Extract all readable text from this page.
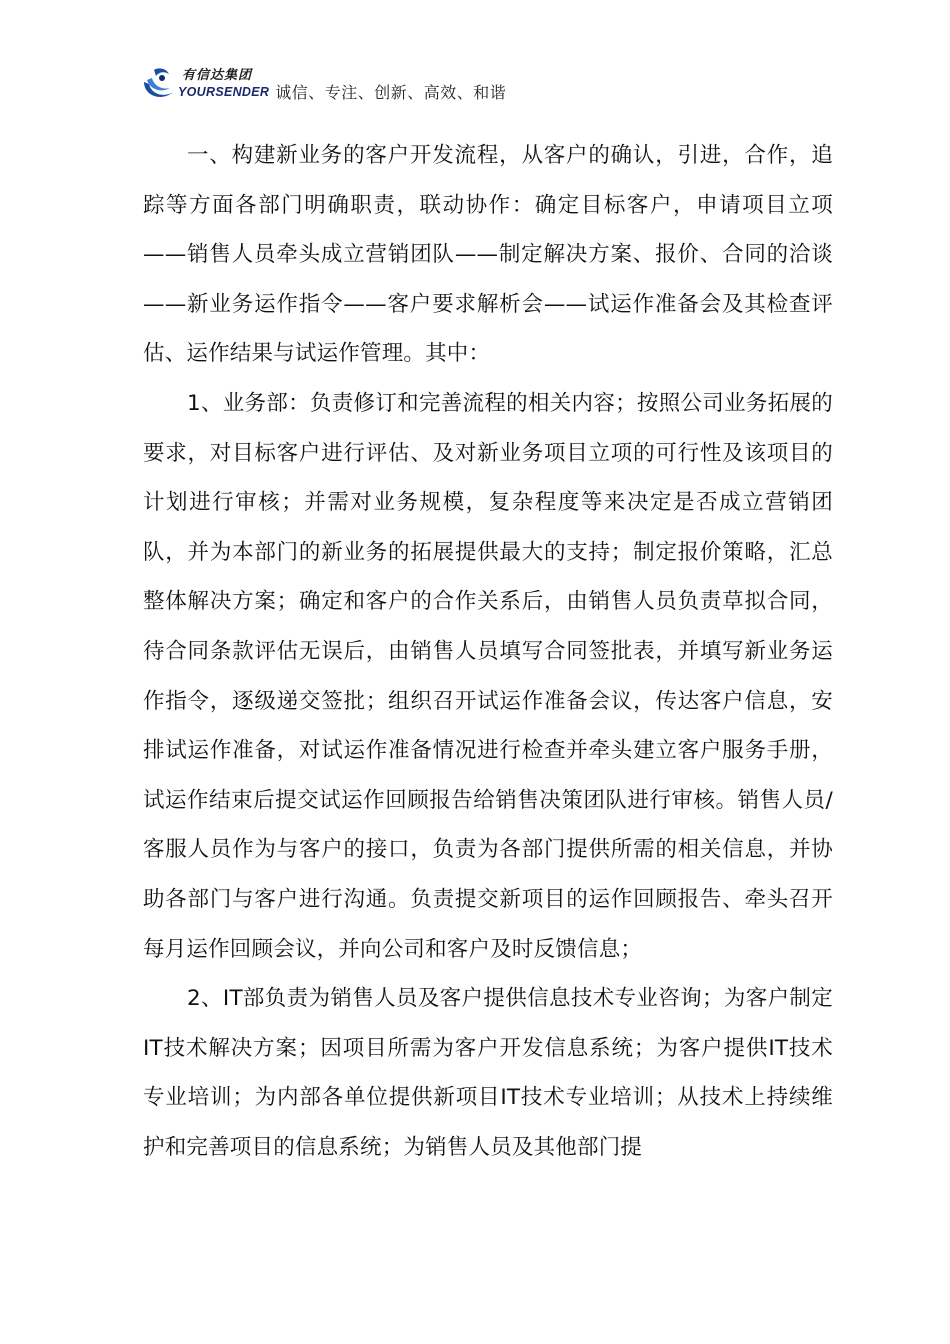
有信达集团
YOURSENDER 诚信、专注、创新、高效、和谐

一、构建新业务的客户开发流程，从客户的确认，引进，合作，追踪等方面各部门明确职责，联动协作：确定目标客户，申请项目立项——销售人员牵头成立营销团队——制定解决方案、报价、合同的洽谈——新业务运作指令——客户要求解析会——试运作准备会及其检查评估、运作结果与试运作管理。其中：

1、业务部：负责修订和完善流程的相关内容；按照公司业务拓展的要求，对目标客户进行评估、及对新业务项目立项的可行性及该项目的计划进行审核；并需对业务规模，复杂程度等来决定是否成立营销团队，并为本部门的新业务的拓展提供最大的支持；制定报价策略，汇总整体解决方案；确定和客户的合作关系后，由销售人员负责草拟合同，待合同条款评估无误后，由销售人员填写合同签批表，并填写新业务运作指令，逐级递交签批；组织召开试运作准备会议，传达客户信息，安排试运作准备，对试运作准备情况进行检查并牵头建立客户服务手册，试运作结束后提交试运作回顾报告给销售决策团队进行审核。销售人员/客服人员作为与客户的接口，负责为各部门提供所需的相关信息，并协助各部门与客户进行沟通。负责提交新项目的运作回顾报告、牵头召开每月运作回顾会议，并向公司和客户及时反馈信息；

2、IT部负责为销售人员及客户提供信息技术专业咨询；为客户制定IT技术解决方案；因项目所需为客户开发信息系统；为客户提供IT技术专业培训；为内部各单位提供新项目IT技术专业培训；从技术上持续维护和完善项目的信息系统；为销售人员及其他部门提
